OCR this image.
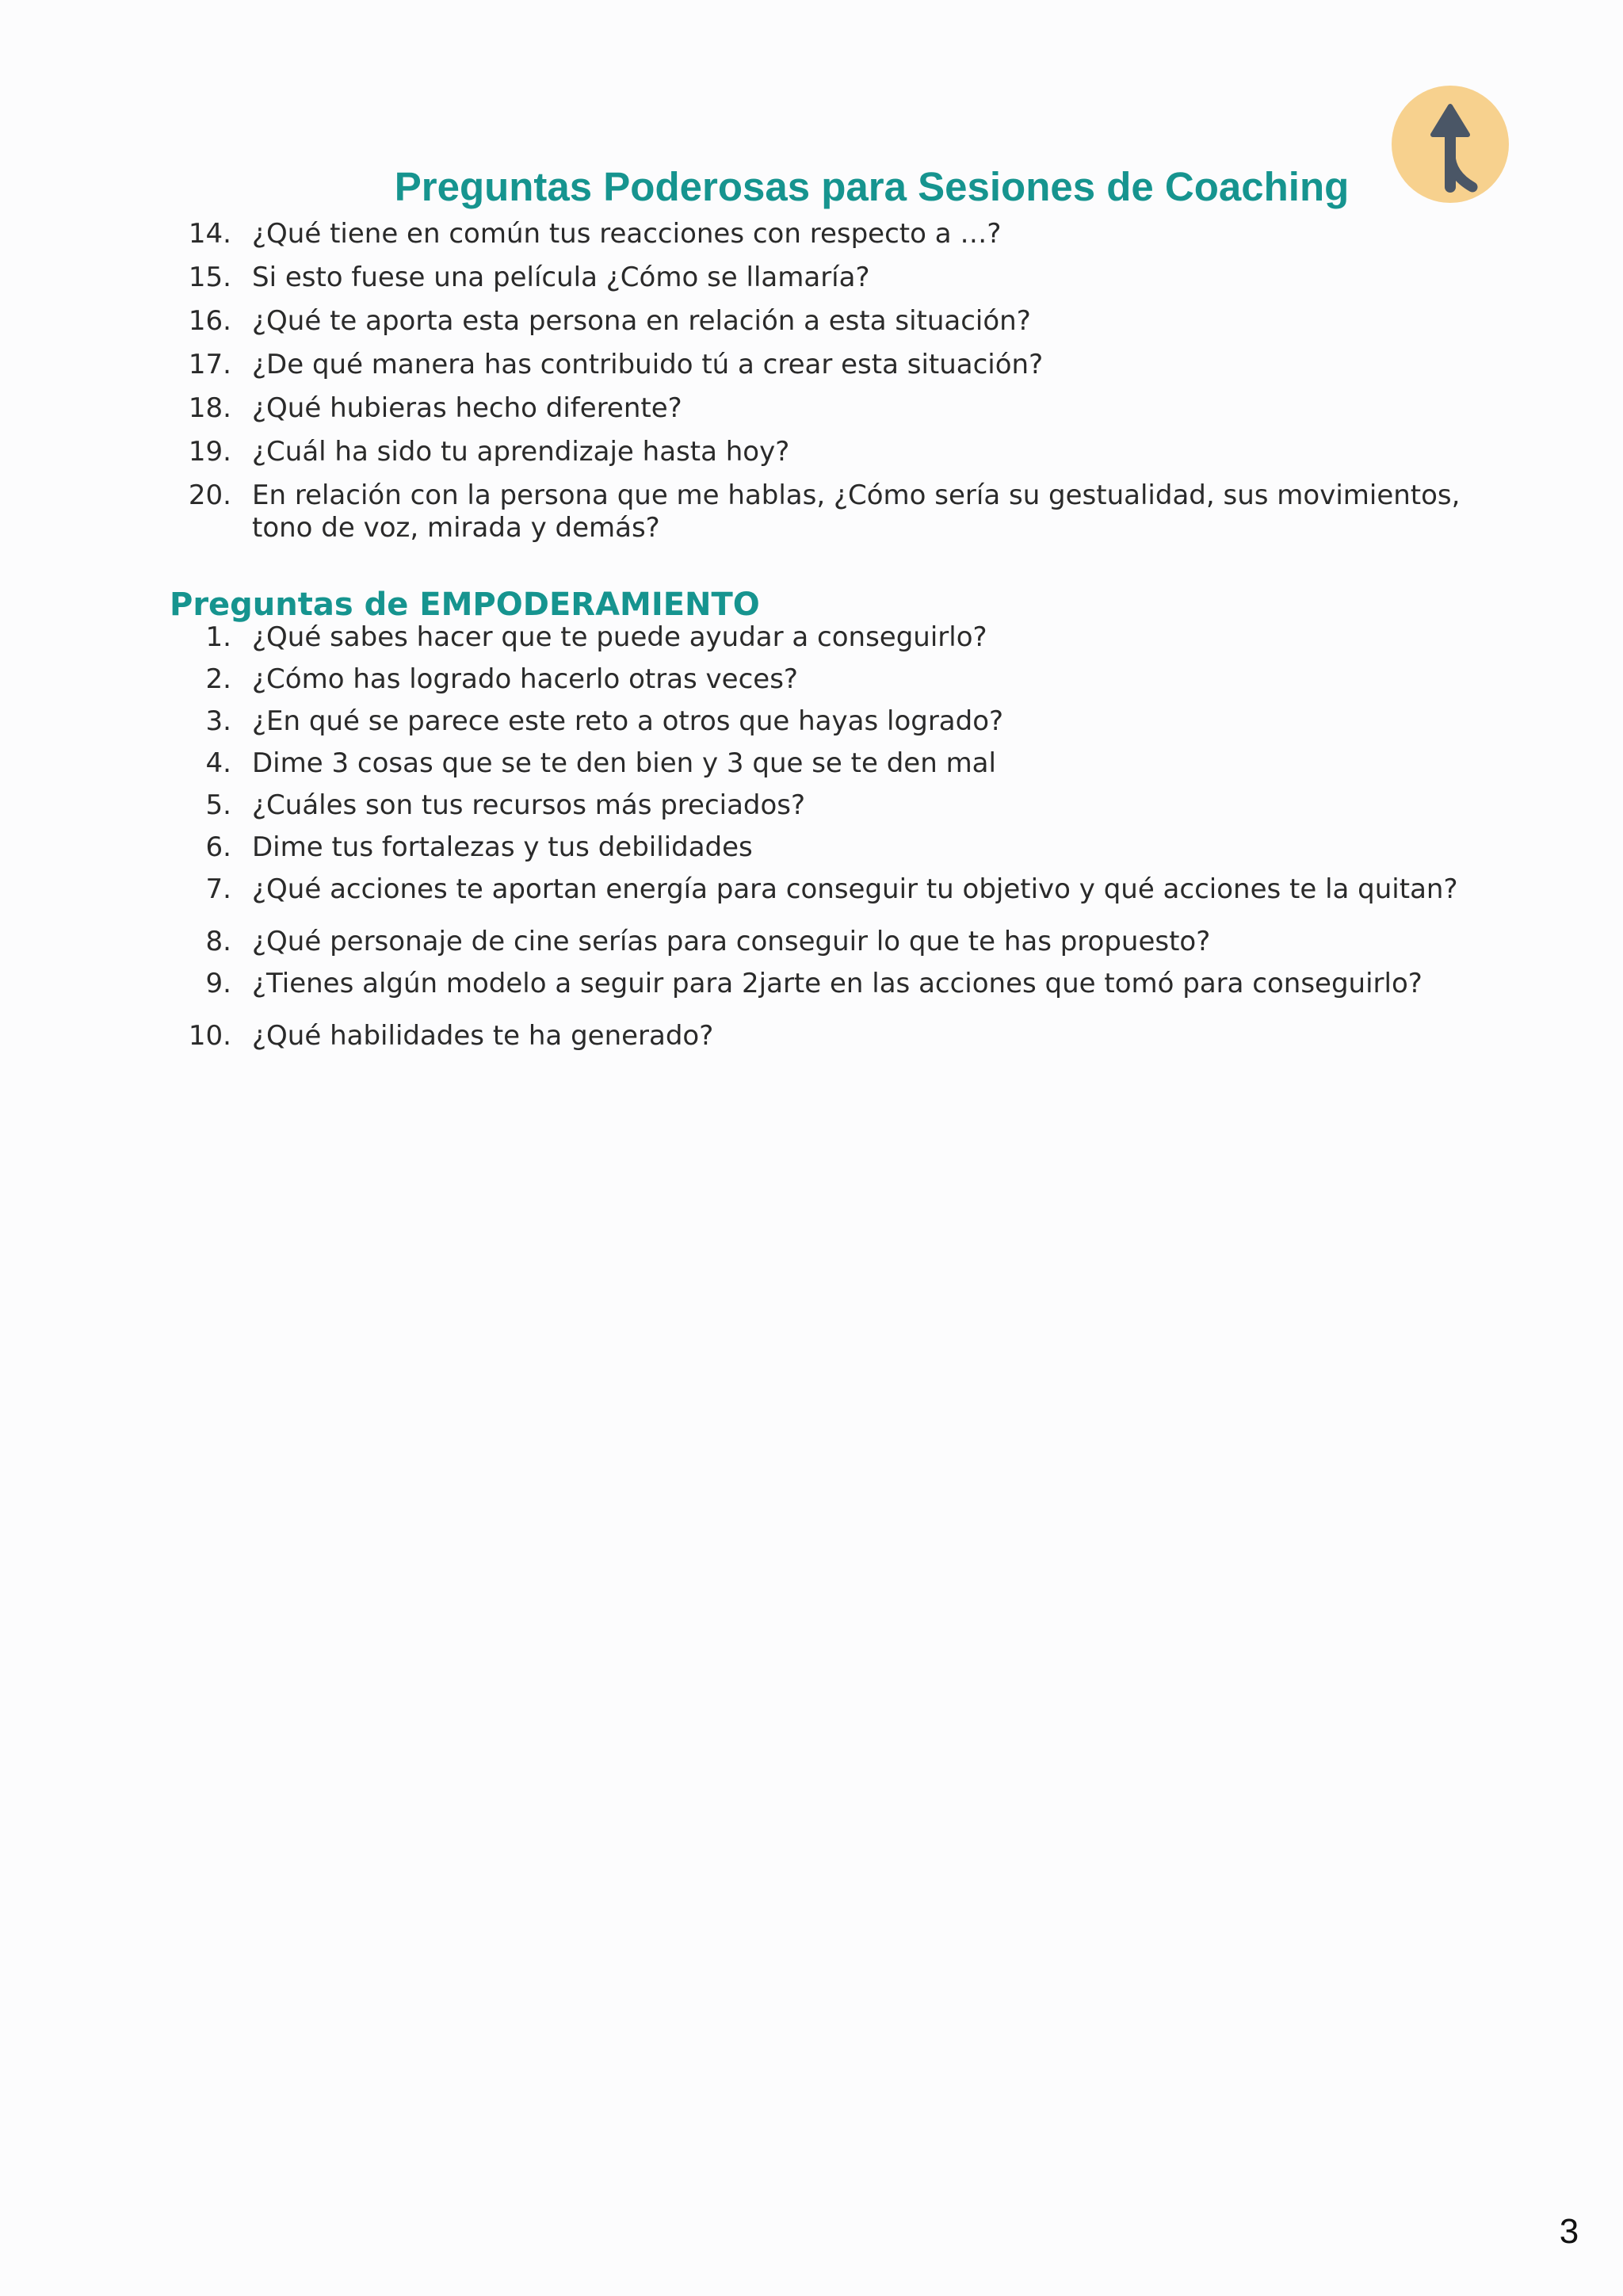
Preguntas Poderosas para Sesiones de Coaching
14. ¿Qué tiene en común tus reacciones con respecto a …?
15. Si esto fuese una película ¿Cómo se llamaría?
16. ¿Qué te aporta esta persona en relación a esta situación?
17. ¿De qué manera has contribuido tú a crear esta situación?
18. ¿Qué hubieras hecho diferente?
19. ¿Cuál ha sido tu aprendizaje hasta hoy?
20. En relación con la persona que me hablas, ¿Cómo sería su gestualidad, sus movimientos, tono de voz, mirada y demás?
Preguntas de EMPODERAMIENTO
1. ¿Qué sabes hacer que te puede ayudar a conseguirlo?
2. ¿Cómo has logrado hacerlo otras veces?
3. ¿En qué se parece este reto a otros que hayas logrado?
4. Dime 3 cosas que se te den bien y 3 que se te den mal
5. ¿Cuáles son tus recursos más preciados?
6. Dime tus fortalezas y tus debilidades
7. ¿Qué acciones te aportan energía para conseguir tu objetivo y qué acciones te la quitan?
8. ¿Qué personaje de cine serías para conseguir lo que te has propuesto?
9. ¿Tienes algún modelo a seguir para 2jarte en las acciones que tomó para conseguirlo?
10. ¿Qué habilidades te ha generado?
3
